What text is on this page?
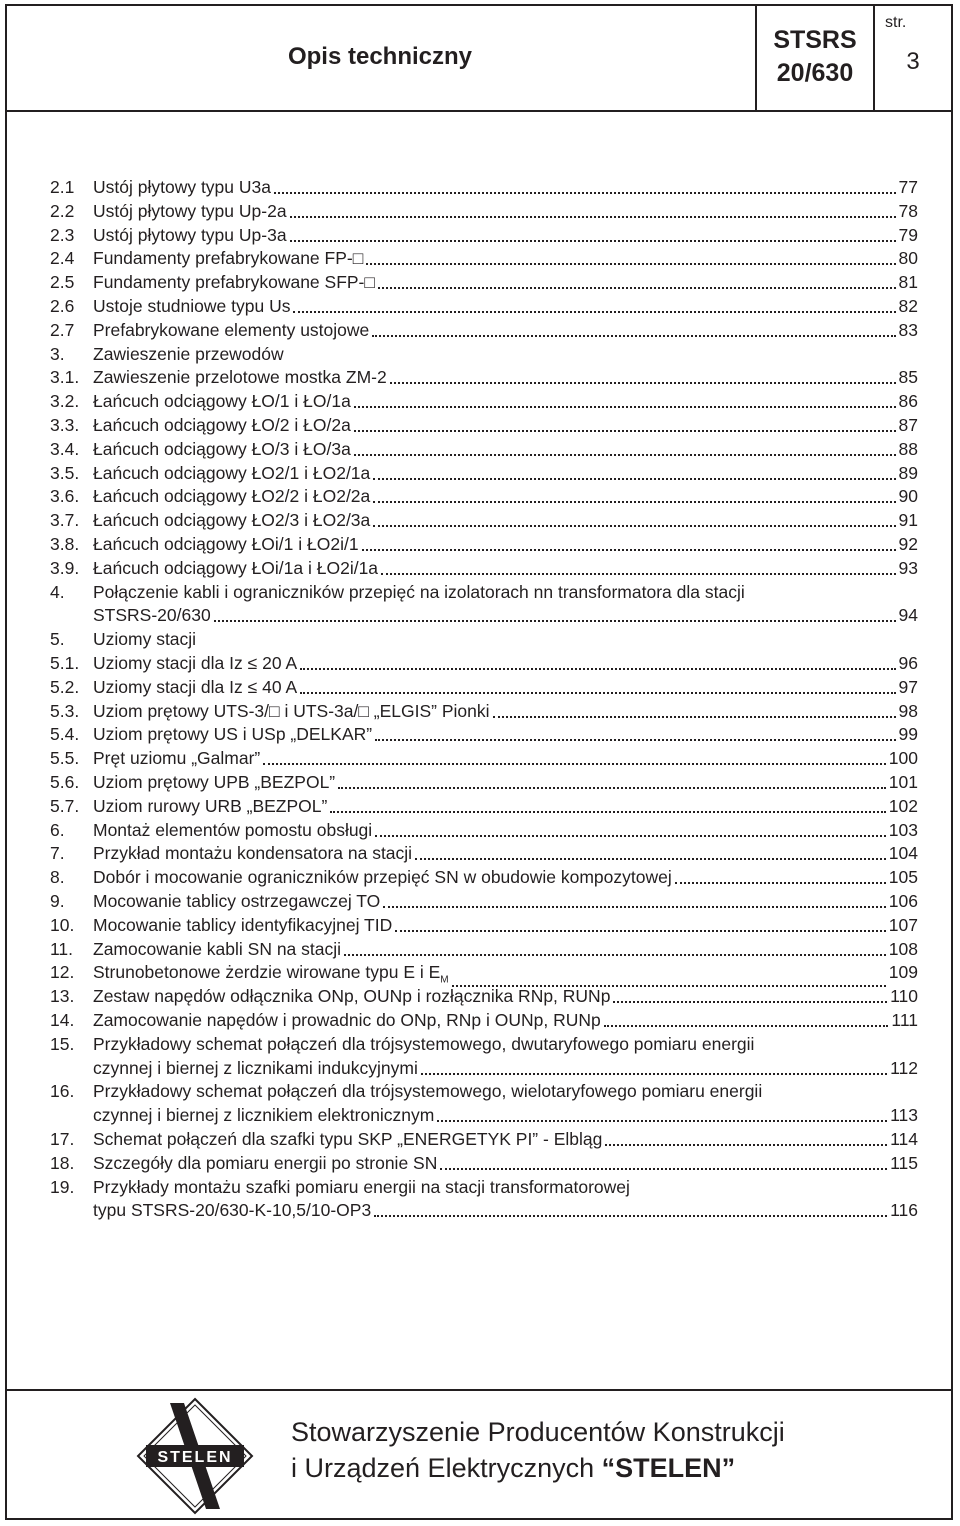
Opis techniczny
STSRS
20/630
str.
3
2.1 Ustój płytowy typu U3a	77
2.2 Ustój płytowy typu Up-2a	78
2.3 Ustój płytowy typu Up-3a	79
2.4 Fundamenty prefabrykowane FP-□	80
2.5 Fundamenty prefabrykowane SFP-□	81
2.6 Ustoje studniowe typu Us	82
2.7 Prefabrykowane elementy ustojowe	83
3. Zawieszenie przewodów
3.1. Zawieszenie przelotowe mostka ZM-2	85
3.2. Łańcuch odciągowy ŁO/1 i ŁO/1a	86
3.3. Łańcuch odciągowy ŁO/2 i ŁO/2a	87
3.4. Łańcuch odciągowy ŁO/3 i ŁO/3a	88
3.5. Łańcuch odciągowy ŁO2/1 i ŁO2/1a	89
3.6. Łańcuch odciągowy ŁO2/2 i ŁO2/2a	90
3.7. Łańcuch odciągowy ŁO2/3 i ŁO2/3a	91
3.8. Łańcuch odciągowy ŁOi/1 i ŁO2i/1	92
3.9. Łańcuch odciągowy ŁOi/1a i ŁO2i/1a	93
4. Połączenie kabli i ograniczników przepięć na izolatorach nn transformatora dla stacji
STSRS-20/630	94
5. Uziomy stacji
5.1. Uziomy stacji dla Iz ≤ 20 A	96
5.2. Uziomy stacji dla Iz ≤ 40 A	97
5.3. Uziom prętowy UTS-3/□ i UTS-3a/□ „ELGIS” Pionki	98
5.4. Uziom prętowy US i USp „DELKAR”	99
5.5. Pręt uziomu „Galmar”	100
5.6. Uziom prętowy UPB „BEZPOL”	101
5.7. Uziom rurowy URB „BEZPOL”	102
6. Montaż elementów pomostu obsługi	103
7. Przykład montażu kondensatora na stacji	104
8. Dobór i mocowanie ograniczników przepięć SN w obudowie kompozytowej	105
9. Mocowanie tablicy ostrzegawczej TO	106
10. Mocowanie tablicy identyfikacyjnej TID	107
11. Zamocowanie kabli SN na stacji	108
12. Strunobetonowe żerdzie wirowane typu E i $E_M$	109
13. Zestaw napędów odłącznika ONp, OUNp i rozłącznika RNp, RUNp	110
14. Zamocowanie napędów i prowadnic do ONp, RNp i OUNp, RUNp	111
15. Przykładowy schemat połączeń dla trójsystemowego, dwutaryfowego pomiaru energii
czynnej i biernej z licznikami indukcyjnymi	112
16. Przykładowy schemat połączeń dla trójsystemowego, wielotaryfowego pomiaru energii
czynnej i biernej z licznikiem elektronicznym	113
17. Schemat połączeń dla szafki typu SKP „ENERGETYK PI” - Elbląg	114
18. Szczegóły dla pomiaru energii po stronie SN	115
19. Przykłady montażu szafki pomiaru energii na stacji transformatorowej
typu STSRS-20/630-K-10,5/10-OP3	116
STELEN
Stowarzyszenie Producentów Konstrukcji
i Urządzeń Elektrycznych “STELEN”
